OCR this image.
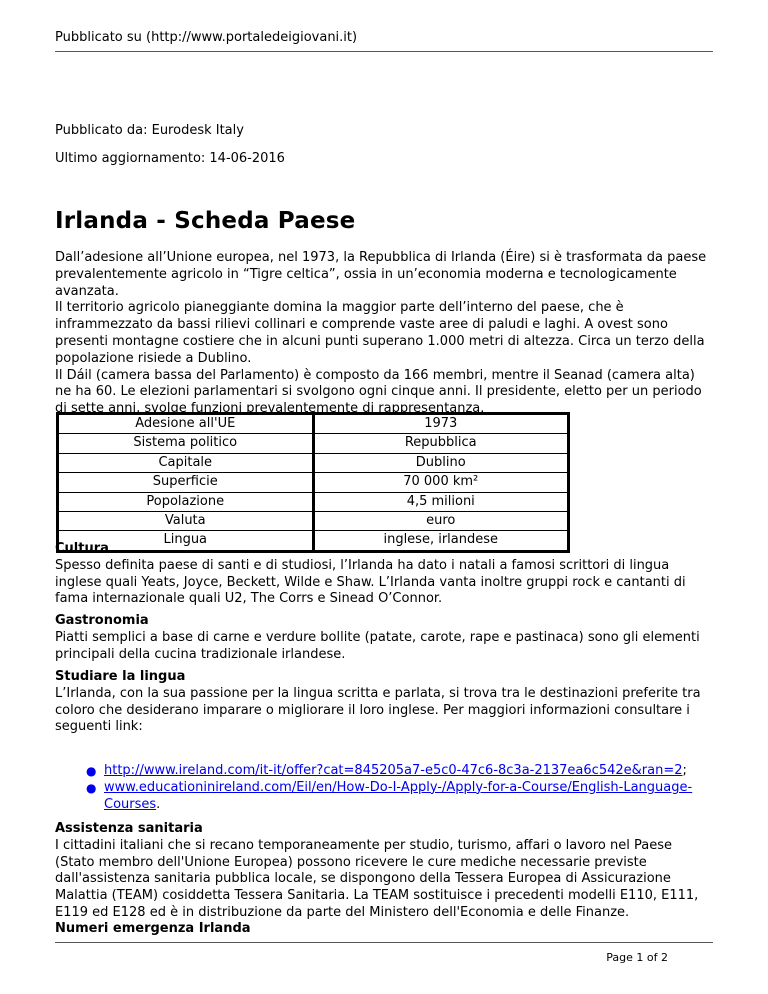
Pubblicato su (http://www.portaledeigiovani.it)
Pubblicato da: Eurodesk Italy
Ultimo aggiornamento: 14-06-2016
Irlanda - Scheda Paese

Dall’adesione all’Unione europea, nel 1973, la Repubblica di Irlanda (Éire) si è trasformata da paese prevalentemente agricolo in “Tigre celtica”, ossia in un’economia moderna e tecnologicamente avanzata.

Il territorio agricolo pianeggiante domina la maggior parte dell’interno del paese, che è inframmezzato da bassi rilievi collinari e comprende vaste aree di paludi e laghi. A ovest sono presenti montagne costiere che in alcuni punti superano 1.000 metri di altezza. Circa un terzo della popolazione risiede a Dublino.

Il Dáil (camera bassa del Parlamento) è composto da 166 membri, mentre il Seanad (camera alta) ne ha 60. Le elezioni parlamentari si svolgono ogni cinque anni. Il presidente, eletto per un periodo di sette anni, svolge funzioni prevalentemente di rappresentanza.

Adesione all'UE	1973
Sistema politico	Repubblica
Capitale	Dublino
Superficie	70 000 km²
Popolazione	4,5 milioni
Valuta	euro
Lingua	inglese, irlandese
Cultura

Spesso definita paese di santi e di studiosi, l’Irlanda ha dato i natali a famosi scrittori di lingua inglese quali Yeats, Joyce, Beckett, Wilde e Shaw. L’Irlanda vanta inoltre gruppi rock e cantanti di fama internazionale quali U2, The Corrs e Sinead O’Connor.

Gastronomia

Piatti semplici a base di carne e verdure bollite (patate, carote, rape e pastinaca) sono gli elementi principali della cucina tradizionale irlandese.

Studiare la lingua

L’Irlanda, con la sua passione per la lingua scritta e parlata, si trova tra le destinazioni preferite tra coloro che desiderano imparare o migliorare il loro inglese. Per maggiori informazioni consultare i seguenti link:

● http://www.ireland.com/it-it/offer?cat=845205a7-e5c0-47c6-8c3a-2137ea6c542e&ran=2;
● www.educationinireland.com/Eil/en/How-Do-I-Apply-/Apply-for-a-Course/English-Language-Courses.
Assistenza sanitaria

I cittadini italiani che si recano temporaneamente per studio, turismo, affari o lavoro nel Paese (Stato membro dell'Unione Europea) possono ricevere le cure mediche necessarie previste dall'assistenza sanitaria pubblica locale, se dispongono della Tessera Europea di Assicurazione Malattia (TEAM) cosiddetta Tessera Sanitaria. La TEAM sostituisce i precedenti modelli E110, E111, E119 ed E128 ed è in distribuzione da parte del Ministero dell'Economia e delle Finanze.

Numeri emergenza Irlanda
Page 1 of 2
